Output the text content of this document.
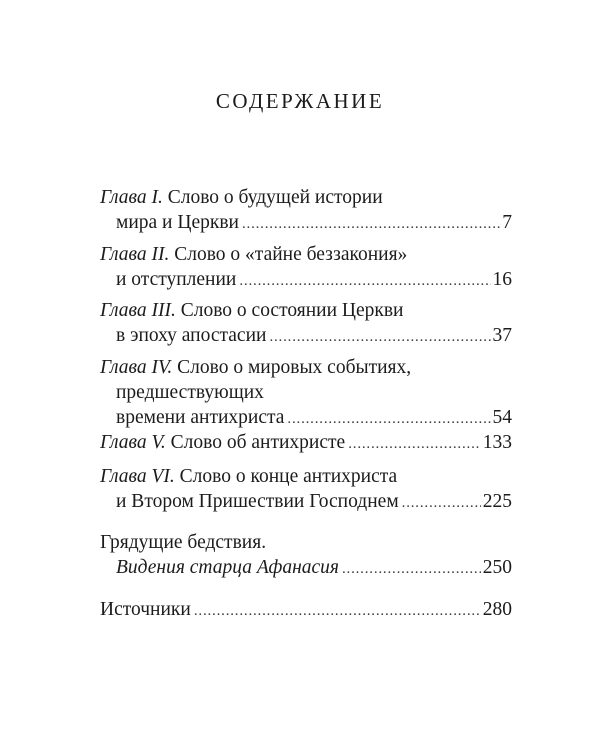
СОДЕРЖАНИЕ
Глава I. Слово о будущей истории
мира и Церкви .....	7
Глава II. Слово о «тайне беззакония»
и отступлении .....	16
Глава III. Слово о состоянии Церкви
в эпоху апостасии .....	37
Глава IV. Слово о мировых событиях,
предшествующих
времени антихриста .....	54
Глава V. Слово об антихристе .....	133
Глава VI. Слово о конце антихриста
и Втором Пришествии Господнем .....	225
Грядущие бедствия.
Видения старца Афанасия .....	250
Источники .....	280
